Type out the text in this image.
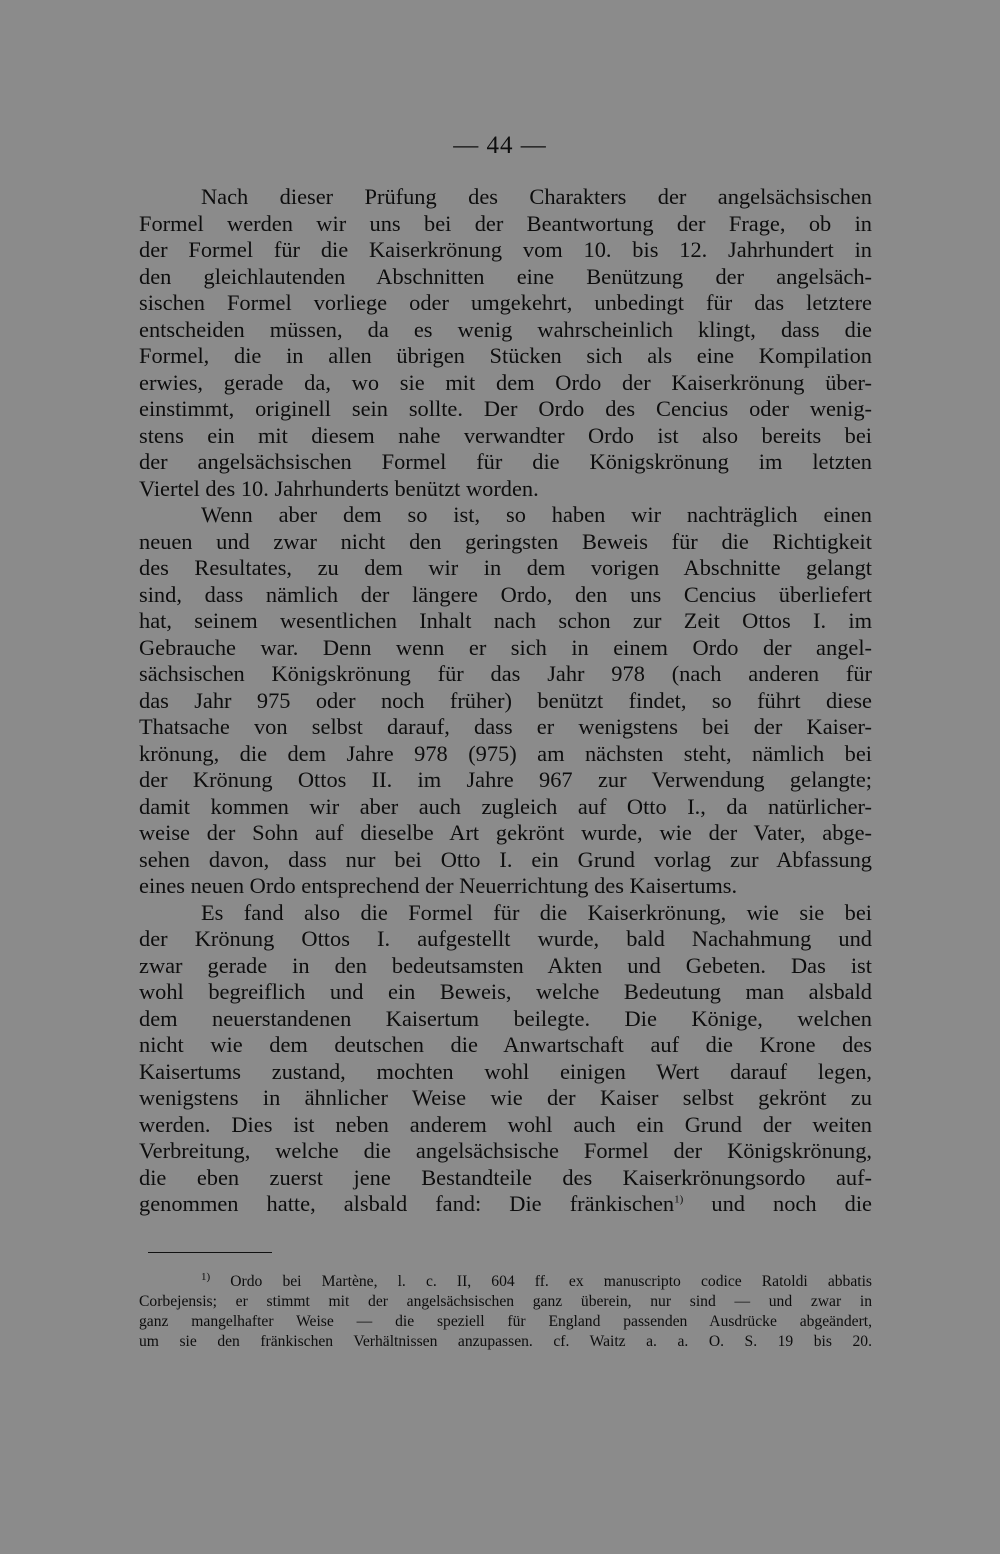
— 44 —
Nach dieser Prüfung des Charakters der angelsächsischen
Formel werden wir uns bei der Beantwortung der Frage, ob in
der Formel für die Kaiserkrönung vom 10. bis 12. Jahrhundert in
den gleichlautenden Abschnitten eine Benützung der angelsäch-
sischen Formel vorliege oder umgekehrt, unbedingt für das letztere
entscheiden müssen, da es wenig wahrscheinlich klingt, dass die
Formel, die in allen übrigen Stücken sich als eine Kompilation
erwies, gerade da, wo sie mit dem Ordo der Kaiserkrönung über-
einstimmt, originell sein sollte. Der Ordo des Cencius oder wenig-
stens ein mit diesem nahe verwandter Ordo ist also bereits bei
der angelsächsischen Formel für die Königskrönung im letzten
Viertel des 10. Jahrhunderts benützt worden.
Wenn aber dem so ist, so haben wir nachträglich einen
neuen und zwar nicht den geringsten Beweis für die Richtigkeit
des Resultates, zu dem wir in dem vorigen Abschnitte gelangt
sind, dass nämlich der längere Ordo, den uns Cencius überliefert
hat, seinem wesentlichen Inhalt nach schon zur Zeit Ottos I. im
Gebrauche war. Denn wenn er sich in einem Ordo der angel-
sächsischen Königskrönung für das Jahr 978 (nach anderen für
das Jahr 975 oder noch früher) benützt findet, so führt diese
Thatsache von selbst darauf, dass er wenigstens bei der Kaiser-
krönung, die dem Jahre 978 (975) am nächsten steht, nämlich bei
der Krönung Ottos II. im Jahre 967 zur Verwendung gelangte;
damit kommen wir aber auch zugleich auf Otto I., da natürlicher-
weise der Sohn auf dieselbe Art gekrönt wurde, wie der Vater, abge-
sehen davon, dass nur bei Otto I. ein Grund vorlag zur Abfassung
eines neuen Ordo entsprechend der Neuerrichtung des Kaisertums.
Es fand also die Formel für die Kaiserkrönung, wie sie bei
der Krönung Ottos I. aufgestellt wurde, bald Nachahmung und
zwar gerade in den bedeutsamsten Akten und Gebeten. Das ist
wohl begreiflich und ein Beweis, welche Bedeutung man alsbald
dem neuerstandenen Kaisertum beilegte. Die Könige, welchen
nicht wie dem deutschen die Anwartschaft auf die Krone des
Kaisertums zustand, mochten wohl einigen Wert darauf legen,
wenigstens in ähnlicher Weise wie der Kaiser selbst gekrönt zu
werden. Dies ist neben anderem wohl auch ein Grund der weiten
Verbreitung, welche die angelsächsische Formel der Königskrönung,
die eben zuerst jene Bestandteile des Kaiserkrönungsordo auf-
genommen hatte, alsbald fand: Die fränkischen$^{1)}$ und noch die
$^{1)}$ Ordo bei Martène, l. c. II, 604 ff. ex manuscripto codice Ratoldi abbatis
Corbejensis; er stimmt mit der angelsächsischen ganz überein, nur sind — und zwar in
ganz mangelhafter Weise — die speziell für England passenden Ausdrücke abgeändert,
um sie den fränkischen Verhältnissen anzupassen. cf. Waitz a. a. O. S. 19 bis 20.
